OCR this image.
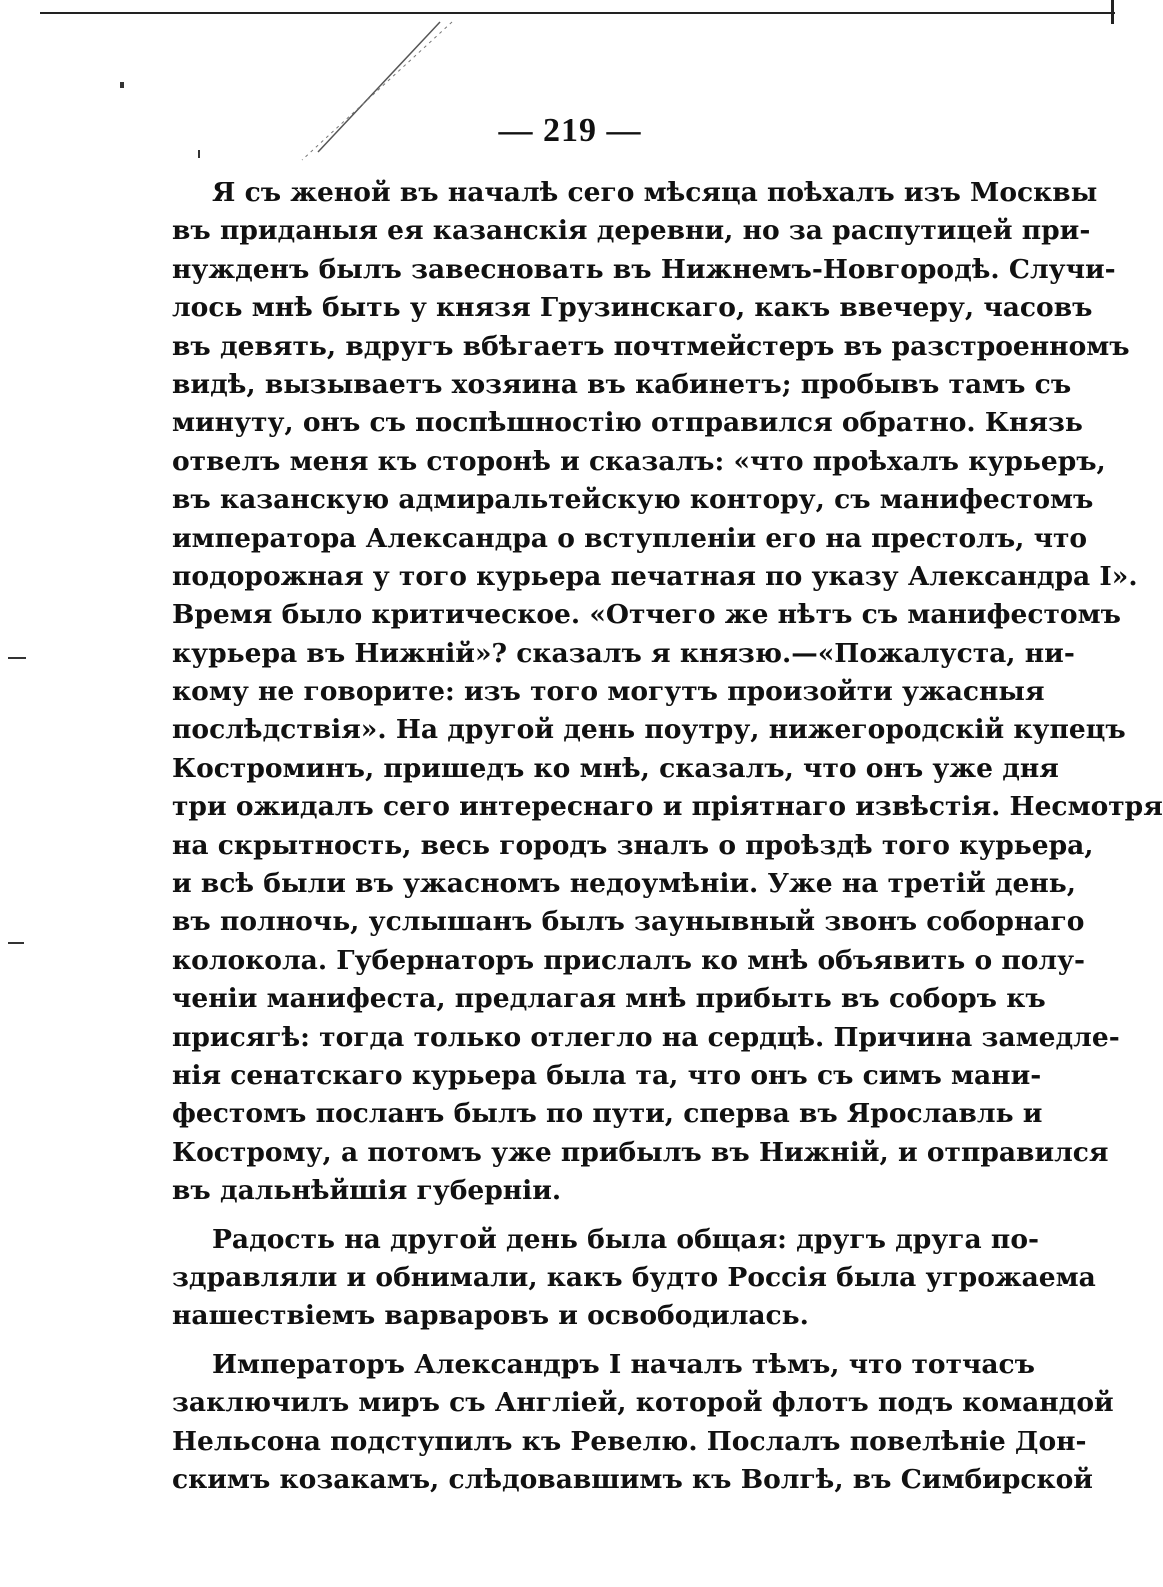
— 219 —
Я съ женой въ началѣ сего мѣсяца поѣхалъ изъ Москвы
въ приданыя ея казанскія деревни, но за распутицей при-
нужденъ былъ завесновать въ Нижнемъ-Новгородѣ. Случи-
лось мнѣ быть у князя Грузинскаго, какъ ввечеру, часовъ
въ девять, вдругъ вбѣгаетъ почтмейстеръ въ разстроенномъ
видѣ, вызываетъ хозяина въ кабинетъ; пробывъ тамъ съ
минуту, онъ съ поспѣшностію отправился обратно. Князь
отвелъ меня къ сторонѣ и сказалъ: «что проѣхалъ курьеръ,
въ казанскую адмиральтейскую контору, съ манифестомъ
императора Александра о вступленіи его на престолъ, что
подорожная у того курьера печатная по указу Александра I».
Время было критическое. «Отчего же нѣтъ съ манифестомъ
курьера въ Нижній»? сказалъ я князю.—«Пожалуста, ни-
кому не говорите: изъ того могутъ произойти ужасныя
послѣдствія». На другой день поутру, нижегородскій купецъ
Костроминъ, пришедъ ко мнѣ, сказалъ, что онъ уже дня
три ожидалъ сего интереснаго и пріятнаго извѣстія. Несмотря
на скрытность, весь городъ зналъ о проѣздѣ того курьера,
и всѣ были въ ужасномъ недоумѣніи. Уже на третій день,
въ полночь, услышанъ былъ заунывный звонъ соборнаго
колокола. Губернаторъ прислалъ ко мнѣ объявить о полу-
ченіи манифеста, предлагая мнѣ прибыть въ соборъ къ
присягѣ: тогда только отлегло на сердцѣ. Причина замедле-
нія сенатскаго курьера была та, что онъ съ симъ мани-
фестомъ посланъ былъ по пути, сперва въ Ярославль и
Кострому, а потомъ уже прибылъ въ Нижній, и отправился
въ дальнѣйшія губерніи.
Радость на другой день была общая: другъ друга по-
здравляли и обнимали, какъ будто Россія была угрожаема
нашествіемъ варваровъ и освободилась.
Императоръ Александръ I началъ тѣмъ, что тотчасъ
заключилъ миръ съ Англіей, которой флотъ подъ командой
Нельсона подступилъ къ Ревелю. Послалъ повелѣніе Дон-
скимъ козакамъ, слѣдовавшимъ къ Волгѣ, въ Симбирской
